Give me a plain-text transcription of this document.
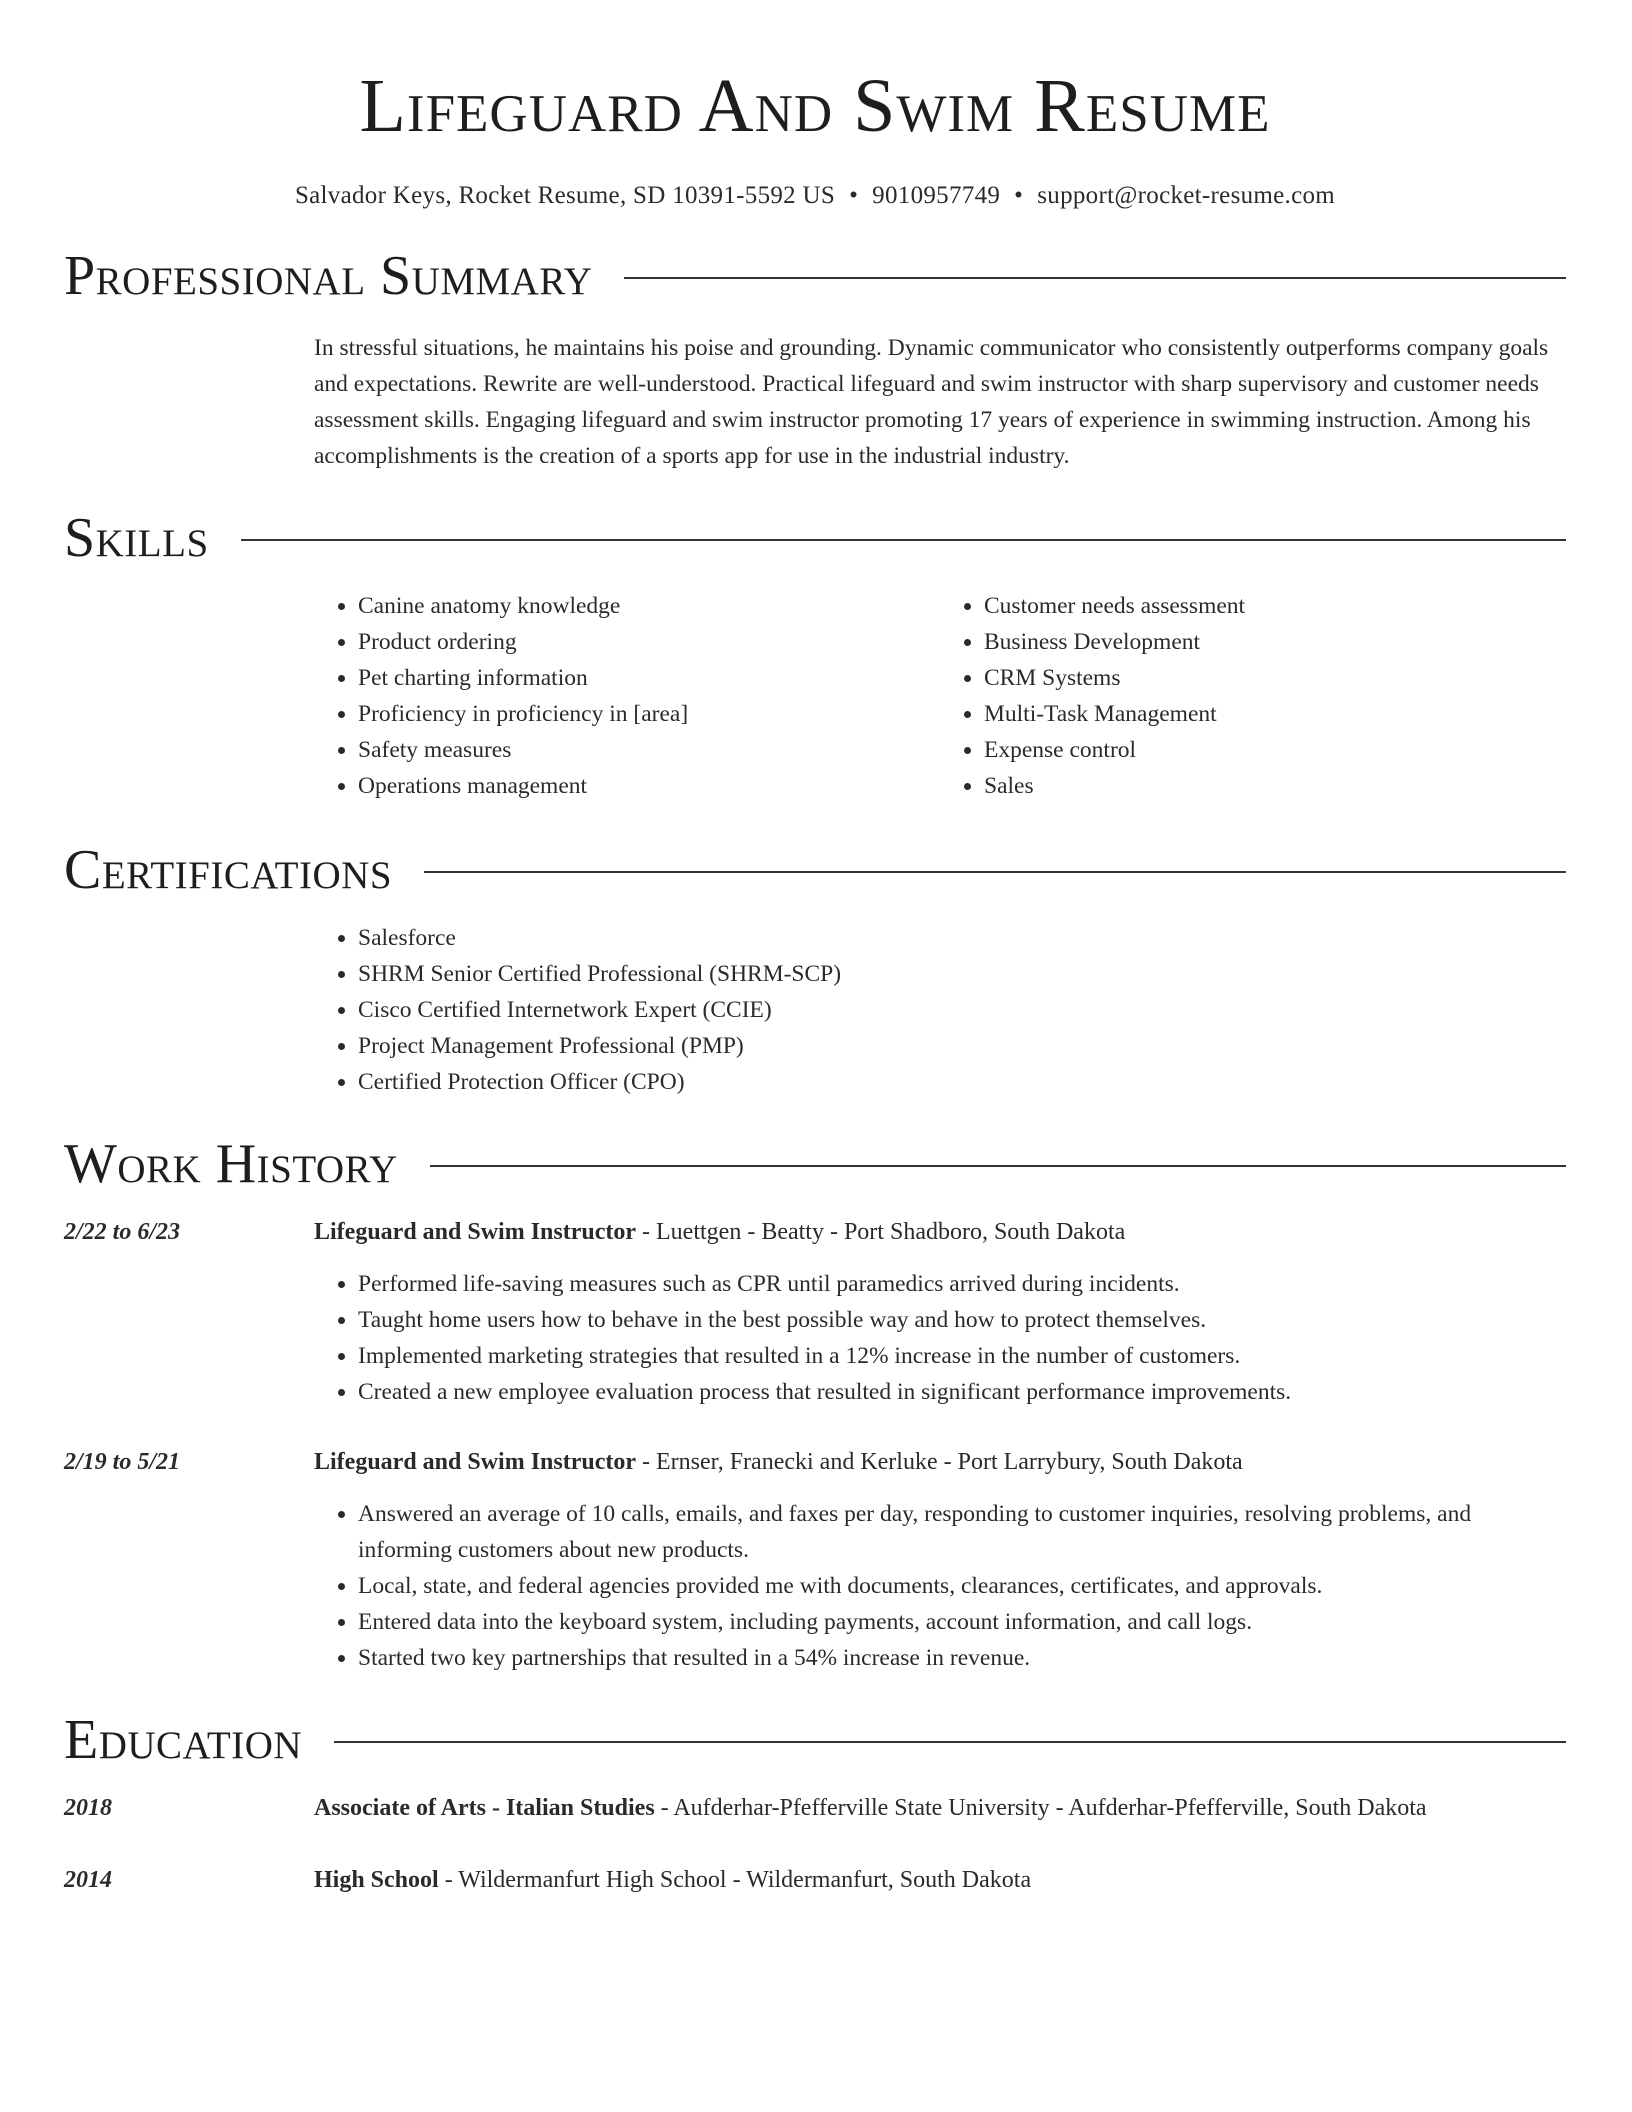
Lifeguard And Swim Resume
Salvador Keys, Rocket Resume, SD 10391-5592 US • 9010957749 • support@rocket-resume.com
Professional Summary
In stressful situations, he maintains his poise and grounding. Dynamic communicator who consistently outperforms company goals and expectations. Rewrite are well-understood. Practical lifeguard and swim instructor with sharp supervisory and customer needs assessment skills. Engaging lifeguard and swim instructor promoting 17 years of experience in swimming instruction. Among his accomplishments is the creation of a sports app for use in the industrial industry.
Skills
• Canine anatomy knowledge
• Product ordering
• Pet charting information
• Proficiency in proficiency in [area]
• Safety measures
• Operations management
• Customer needs assessment
• Business Development
• CRM Systems
• Multi-Task Management
• Expense control
• Sales
Certifications
• Salesforce
• SHRM Senior Certified Professional (SHRM-SCP)
• Cisco Certified Internetwork Expert (CCIE)
• Project Management Professional (PMP)
• Certified Protection Officer (CPO)
Work History
2/22 to 6/23	Lifeguard and Swim Instructor - Luettgen - Beatty - Port Shadboro, South Dakota
• Performed life-saving measures such as CPR until paramedics arrived during incidents.
• Taught home users how to behave in the best possible way and how to protect themselves.
• Implemented marketing strategies that resulted in a 12% increase in the number of customers.
• Created a new employee evaluation process that resulted in significant performance improvements.
2/19 to 5/21	Lifeguard and Swim Instructor - Ernser, Franecki and Kerluke - Port Larrybury, South Dakota
• Answered an average of 10 calls, emails, and faxes per day, responding to customer inquiries, resolving problems, and informing customers about new products.
• Local, state, and federal agencies provided me with documents, clearances, certificates, and approvals.
• Entered data into the keyboard system, including payments, account information, and call logs.
• Started two key partnerships that resulted in a 54% increase in revenue.
Education
2018	Associate of Arts - Italian Studies - Aufderhar-Pfefferville State University - Aufderhar-Pfefferville, South Dakota
2014	High School - Wildermanfurt High School - Wildermanfurt, South Dakota
